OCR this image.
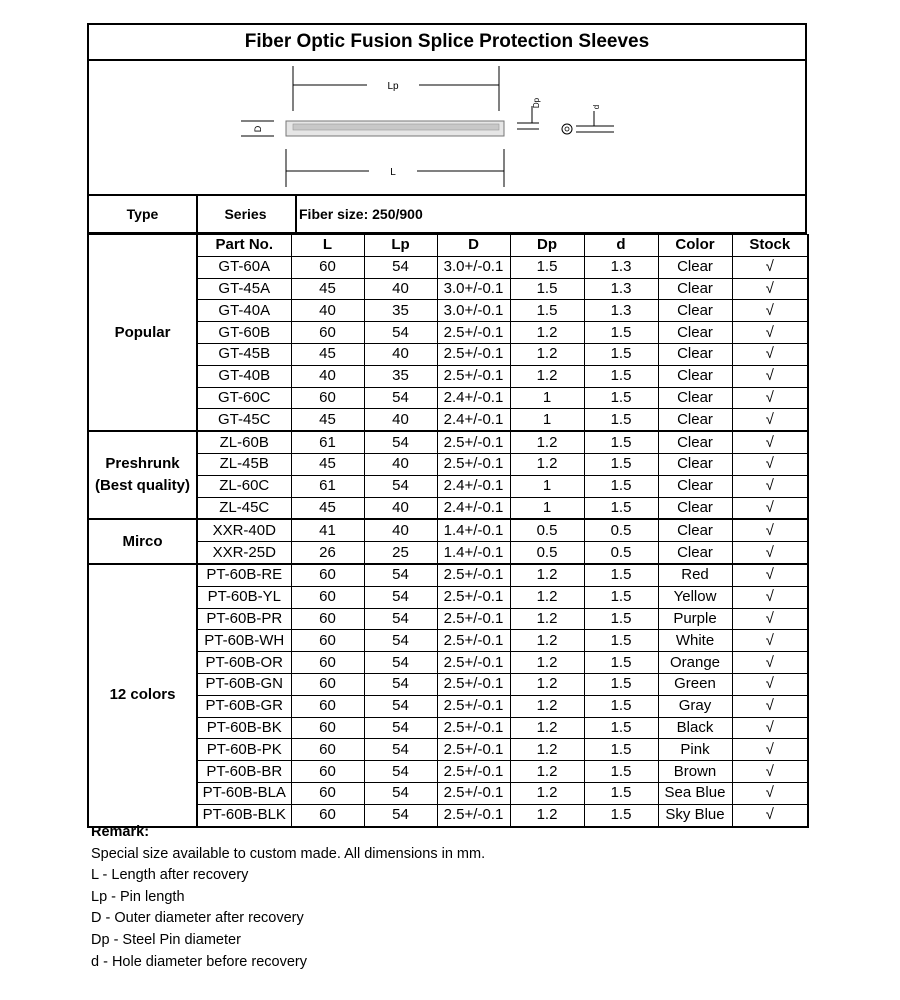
Fiber Optic Fusion Splice Protection Sleeves
Lp
D
L
Dp	d
Type	Series	Fiber size: 250/900
Popular	Part No.	L	Lp	D	Dp	d	Color	Stock
	GT-60A	60	54	3.0+/-0.1	1.5	1.3	Clear	√
	GT-45A	45	40	3.0+/-0.1	1.5	1.3	Clear	√
	GT-40A	40	35	3.0+/-0.1	1.5	1.3	Clear	√
	GT-60B	60	54	2.5+/-0.1	1.2	1.5	Clear	√
	GT-45B	45	40	2.5+/-0.1	1.2	1.5	Clear	√
	GT-40B	40	35	2.5+/-0.1	1.2	1.5	Clear	√
	GT-60C	60	54	2.4+/-0.1	1	1.5	Clear	√
	GT-45C	45	40	2.4+/-0.1	1	1.5	Clear	√
Preshrunk (Best quality)	ZL-60B	61	54	2.5+/-0.1	1.2	1.5	Clear	√
	ZL-45B	45	40	2.5+/-0.1	1.2	1.5	Clear	√
	ZL-60C	61	54	2.4+/-0.1	1	1.5	Clear	√
	ZL-45C	45	40	2.4+/-0.1	1	1.5	Clear	√
Mirco	XXR-40D	41	40	1.4+/-0.1	0.5	0.5	Clear	√
	XXR-25D	26	25	1.4+/-0.1	0.5	0.5	Clear	√
12 colors	PT-60B-RE	60	54	2.5+/-0.1	1.2	1.5	Red	√
	PT-60B-YL	60	54	2.5+/-0.1	1.2	1.5	Yellow	√
	PT-60B-PR	60	54	2.5+/-0.1	1.2	1.5	Purple	√
	PT-60B-WH	60	54	2.5+/-0.1	1.2	1.5	White	√
	PT-60B-OR	60	54	2.5+/-0.1	1.2	1.5	Orange	√
	PT-60B-GN	60	54	2.5+/-0.1	1.2	1.5	Green	√
	PT-60B-GR	60	54	2.5+/-0.1	1.2	1.5	Gray	√
	PT-60B-BK	60	54	2.5+/-0.1	1.2	1.5	Black	√
	PT-60B-PK	60	54	2.5+/-0.1	1.2	1.5	Pink	√
	PT-60B-BR	60	54	2.5+/-0.1	1.2	1.5	Brown	√
	PT-60B-BLA	60	54	2.5+/-0.1	1.2	1.5	Sea Blue	√
	PT-60B-BLK	60	54	2.5+/-0.1	1.2	1.5	Sky Blue	√
Remark:
Special size available to custom made. All dimensions in mm.
L - Length after recovery
Lp - Pin length
D - Outer diameter after recovery
Dp - Steel Pin diameter
d - Hole diameter before recovery
